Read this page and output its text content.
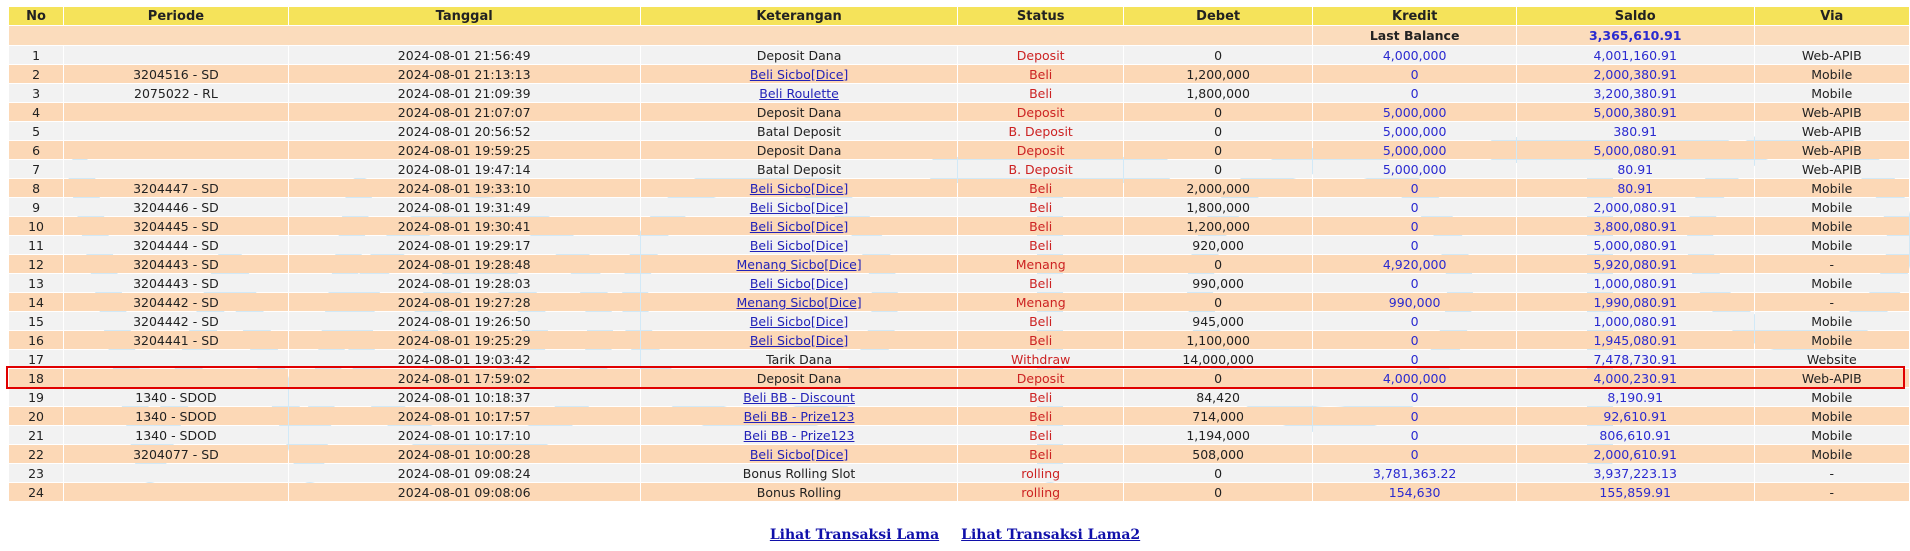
No	Periode	Tanggal	Keterangan	Status	Debet	Kredit	Saldo	Via
						Last Balance	3,365,610.91	
1		2024-08-01 21:56:49	Deposit Dana	Deposit	0	4,000,000	4,001,160.91	Web-APIB
2	3204516 - SD	2024-08-01 21:13:13	Beli Sicbo[Dice]	Beli	1,200,000	0	2,000,380.91	Mobile
3	2075022 - RL	2024-08-01 21:09:39	Beli Roulette	Beli	1,800,000	0	3,200,380.91	Mobile
4		2024-08-01 21:07:07	Deposit Dana	Deposit	0	5,000,000	5,000,380.91	Web-APIB
5		2024-08-01 20:56:52	Batal Deposit	B. Deposit	0	5,000,000	380.91	Web-APIB
6		2024-08-01 19:59:25	Deposit Dana	Deposit	0	5,000,000	5,000,080.91	Web-APIB
7		2024-08-01 19:47:14	Batal Deposit	B. Deposit	0	5,000,000	80.91	Web-APIB
8	3204447 - SD	2024-08-01 19:33:10	Beli Sicbo[Dice]	Beli	2,000,000	0	80.91	Mobile
9	3204446 - SD	2024-08-01 19:31:49	Beli Sicbo[Dice]	Beli	1,800,000	0	2,000,080.91	Mobile
10	3204445 - SD	2024-08-01 19:30:41	Beli Sicbo[Dice]	Beli	1,200,000	0	3,800,080.91	Mobile
11	3204444 - SD	2024-08-01 19:29:17	Beli Sicbo[Dice]	Beli	920,000	0	5,000,080.91	Mobile
12	3204443 - SD	2024-08-01 19:28:48	Menang Sicbo[Dice]	Menang	0	4,920,000	5,920,080.91	-
13	3204443 - SD	2024-08-01 19:28:03	Beli Sicbo[Dice]	Beli	990,000	0	1,000,080.91	Mobile
14	3204442 - SD	2024-08-01 19:27:28	Menang Sicbo[Dice]	Menang	0	990,000	1,990,080.91	-
15	3204442 - SD	2024-08-01 19:26:50	Beli Sicbo[Dice]	Beli	945,000	0	1,000,080.91	Mobile
16	3204441 - SD	2024-08-01 19:25:29	Beli Sicbo[Dice]	Beli	1,100,000	0	1,945,080.91	Mobile
17		2024-08-01 19:03:42	Tarik Dana	Withdraw	14,000,000	0	7,478,730.91	Website
18		2024-08-01 17:59:02	Deposit Dana	Deposit	0	4,000,000	4,000,230.91	Web-APIB
19	1340 - SDOD	2024-08-01 10:18:37	Beli BB - Discount	Beli	84,420	0	8,190.91	Mobile
20	1340 - SDOD	2024-08-01 10:17:57	Beli BB - Prize123	Beli	714,000	0	92,610.91	Mobile
21	1340 - SDOD	2024-08-01 10:17:10	Beli BB - Prize123	Beli	1,194,000	0	806,610.91	Mobile
22	3204077 - SD	2024-08-01 10:00:28	Beli Sicbo[Dice]	Beli	508,000	0	2,000,610.91	Mobile
23		2024-08-01 09:08:24	Bonus Rolling Slot	rolling	0	3,781,363.22	3,937,223.13	-
24		2024-08-01 09:08:06	Bonus Rolling	rolling	0	154,630	155,859.91	-
Lihat Transaksi Lama Lihat Transaksi Lama2
